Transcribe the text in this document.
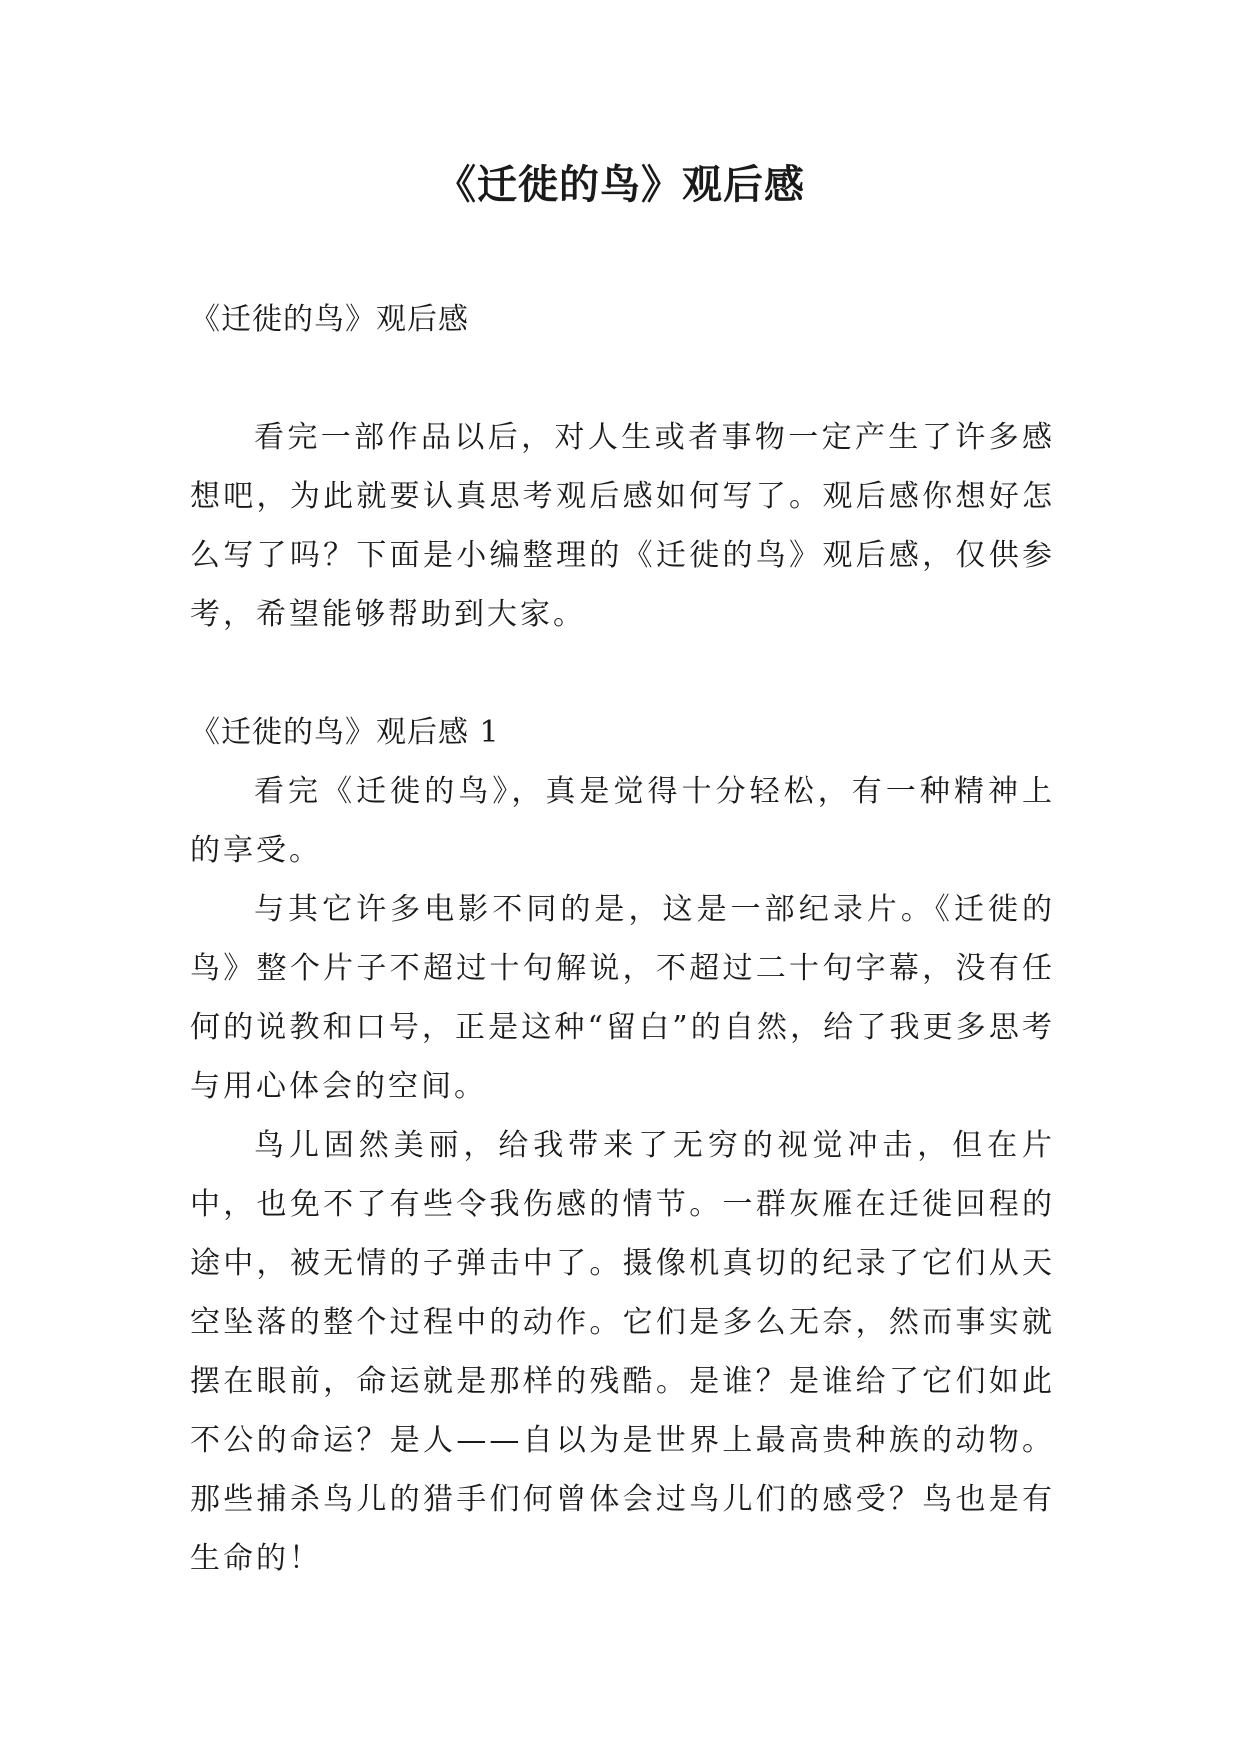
《迁徙的鸟》观后感

《迁徙的鸟》观后感

看完一部作品以后，对人生或者事物一定产生了许多感想吧，为此就要认真思考观后感如何写了。观后感你想好怎么写了吗？下面是小编整理的《迁徙的鸟》观后感，仅供参考，希望能够帮助到大家。

《迁徙的鸟》观后感 1

看完《迁徙的鸟》，真是觉得十分轻松，有一种精神上的享受。

与其它许多电影不同的是，这是一部纪录片。《迁徙的鸟》整个片子不超过十句解说，不超过二十句字幕，没有任何的说教和口号，正是这种“留白”的自然，给了我更多思考与用心体会的空间。

鸟儿固然美丽，给我带来了无穷的视觉冲击，但在片中，也免不了有些令我伤感的情节。一群灰雁在迁徙回程的途中，被无情的子弹击中了。摄像机真切的纪录了它们从天空坠落的整个过程中的动作。它们是多么无奈，然而事实就摆在眼前，命运就是那样的残酷。是谁？是谁给了它们如此不公的命运？是人——自以为是世界上最高贵种族的动物。那些捕杀鸟儿的猎手们何曾体会过鸟儿们的感受？鸟也是有生命的！
